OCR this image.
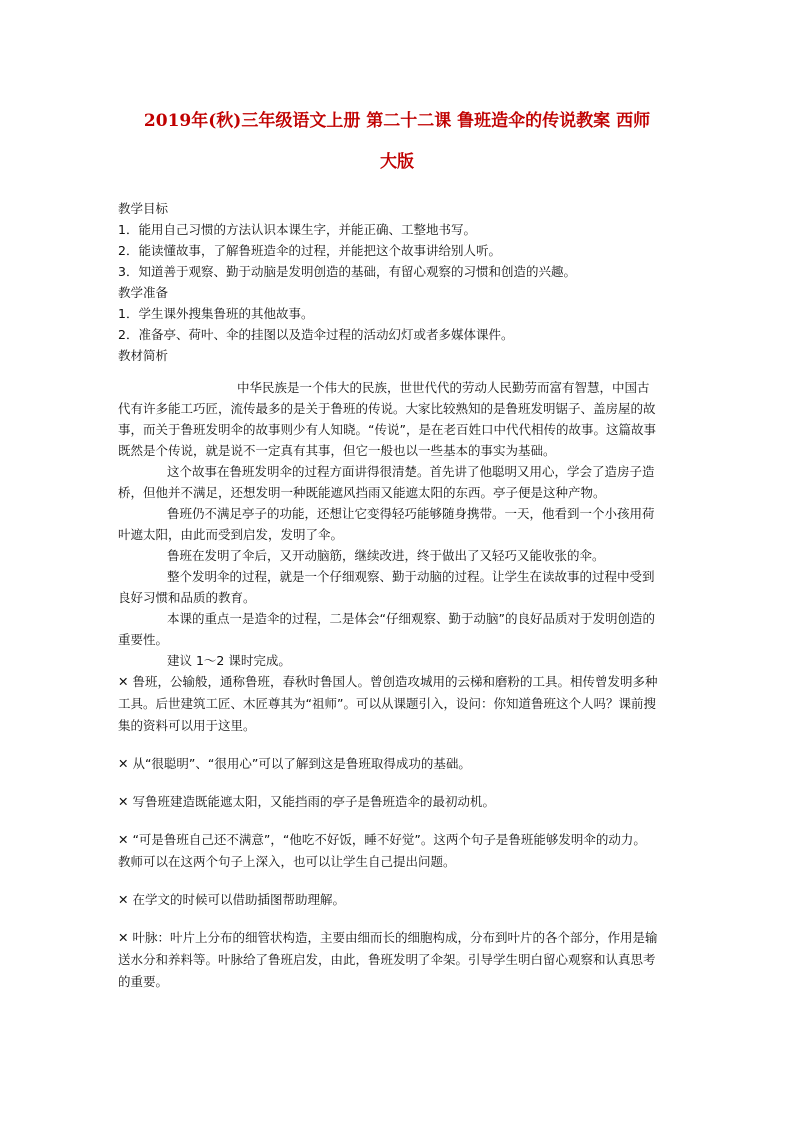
2019年(秋)三年级语文上册 第二十二课 鲁班造伞的传说教案 西师
大版

教学目标

1．能用自己习惯的方法认识本课生字，并能正确、工整地书写。

2．能读懂故事，了解鲁班造伞的过程，并能把这个故事讲给别人听。

3．知道善于观察、勤于动脑是发明创造的基础，有留心观察的习惯和创造的兴趣。

教学准备

1．学生课外搜集鲁班的其他故事。

2．准备亭、荷叶、伞的挂图以及造伞过程的活动幻灯或者多媒体课件。

教材简析

中华民族是一个伟大的民族，世世代代的劳动人民勤劳而富有智慧，中国古代有许多能工巧匠，流传最多的是关于鲁班的传说。大家比较熟知的是鲁班发明锯子、盖房屋的故事，而关于鲁班发明伞的故事则少有人知晓。“传说”，是在老百姓口中代代相传的故事。这篇故事既然是个传说，就是说不一定真有其事，但它一般也以一些基本的事实为基础。

这个故事在鲁班发明伞的过程方面讲得很清楚。首先讲了他聪明又用心，学会了造房子造桥，但他并不满足，还想发明一种既能遮风挡雨又能遮太阳的东西。亭子便是这种产物。

鲁班仍不满足亭子的功能，还想让它变得轻巧能够随身携带。一天，他看到一个小孩用荷叶遮太阳，由此而受到启发，发明了伞。

鲁班在发明了伞后，又开动脑筋，继续改进，终于做出了又轻巧又能收张的伞。

整个发明伞的过程，就是一个仔细观察、勤于动脑的过程。让学生在读故事的过程中受到良好习惯和品质的教育。

本课的重点一是造伞的过程，二是体会“仔细观察、勤于动脑”的良好品质对于发明创造的重要性。

建议 1～2 课时完成。

✕ 鲁班，公输般，通称鲁班，春秋时鲁国人。曾创造攻城用的云梯和磨粉的工具。相传曾发明多种工具。后世建筑工匠、木匠尊其为“祖师”。可以从课题引入，设问：你知道鲁班这个人吗？课前搜集的资料可以用于这里。

✕ 从“很聪明”、“很用心”可以了解到这是鲁班取得成功的基础。

✕ 写鲁班建造既能遮太阳，又能挡雨的亭子是鲁班造伞的最初动机。

✕ “可是鲁班自己还不满意”，“他吃不好饭，睡不好觉”。这两个句子是鲁班能够发明伞的动力。教师可以在这两个句子上深入，也可以让学生自己提出问题。

✕ 在学文的时候可以借助插图帮助理解。

✕ 叶脉：叶片上分布的细管状构造，主要由细而长的细胞构成，分布到叶片的各个部分，作用是输送水分和养料等。叶脉给了鲁班启发，由此，鲁班发明了伞架。引导学生明白留心观察和认真思考的重要。
